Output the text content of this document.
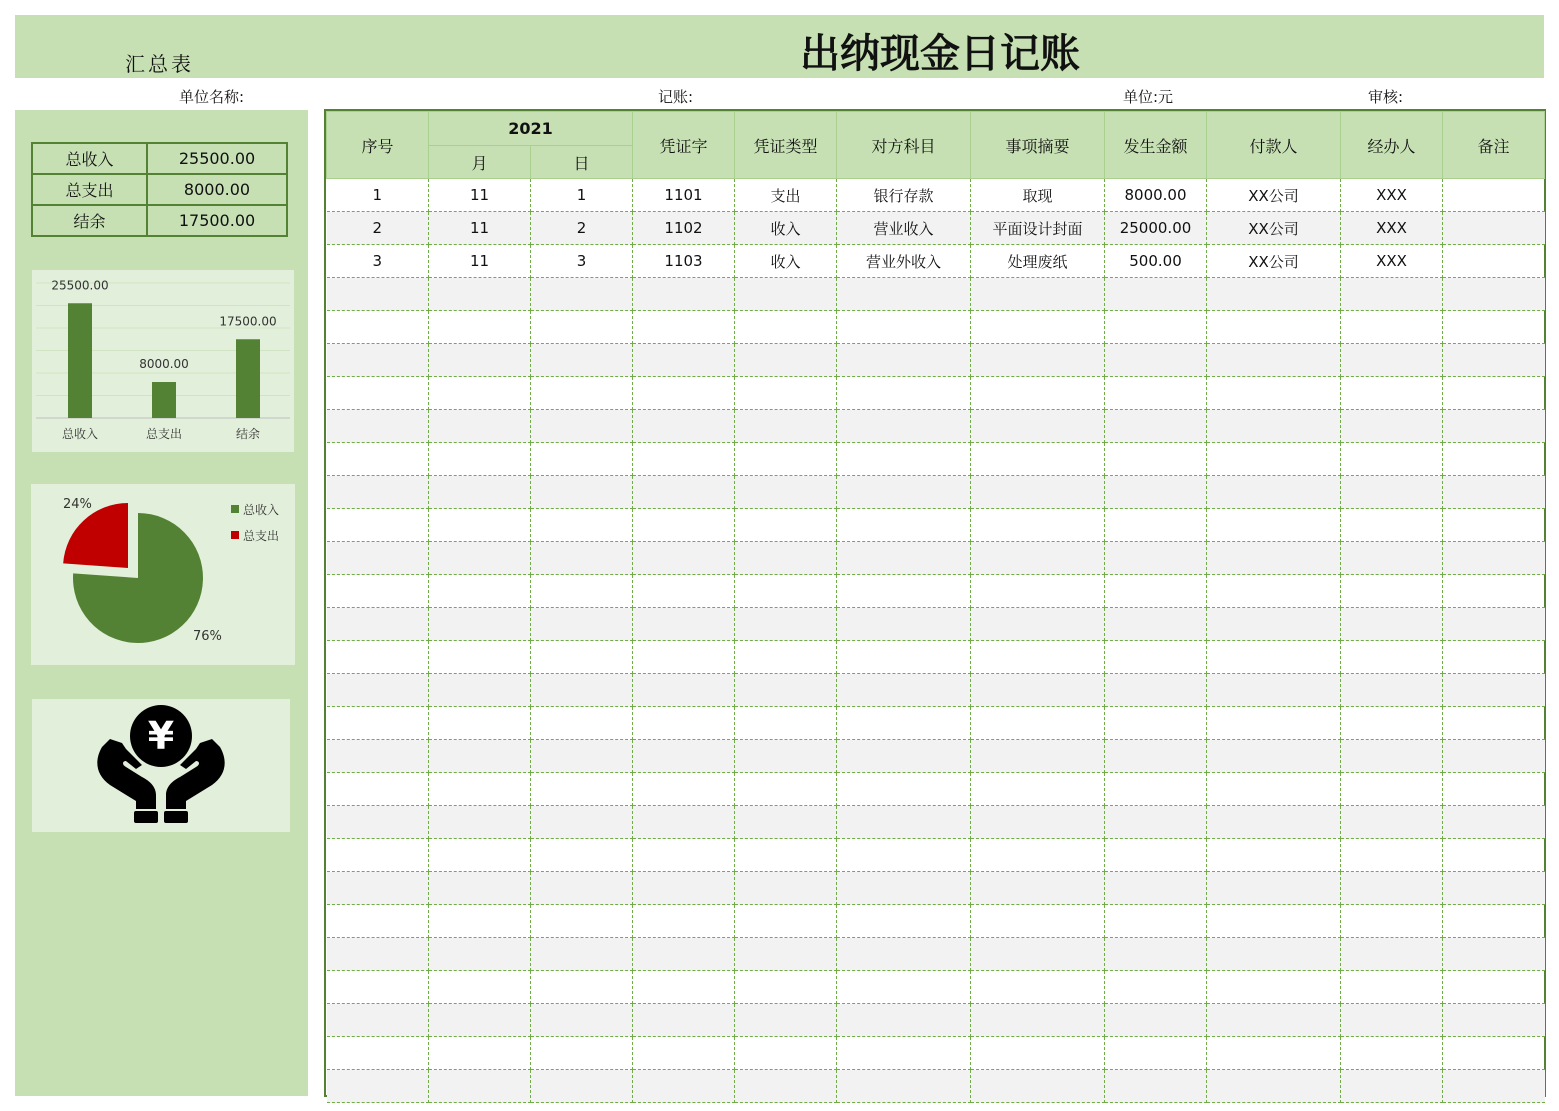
汇总表	出纳现金日记账
单位名称:	记账:	单位:元	审核:
总收入	25500.00
总支出	8000.00
结余	17500.00
25500.00
总收入
8000.00
总支出
17500.00
结余
76%
24%	总收入
总支出
¥
序号	2021		凭证字	凭证类型	对方科目	事项摘要	发生金额	付款人	经办人	备注
	月	日								
1	11	1	1101	支出	银行存款	取现	8000.00	XX公司	XXX	
2	11	2	1102	收入	营业收入	平面设计封面	25000.00	XX公司	XXX	
3	11	3	1103	收入	营业外收入	处理废纸	500.00	XX公司	XXX	
